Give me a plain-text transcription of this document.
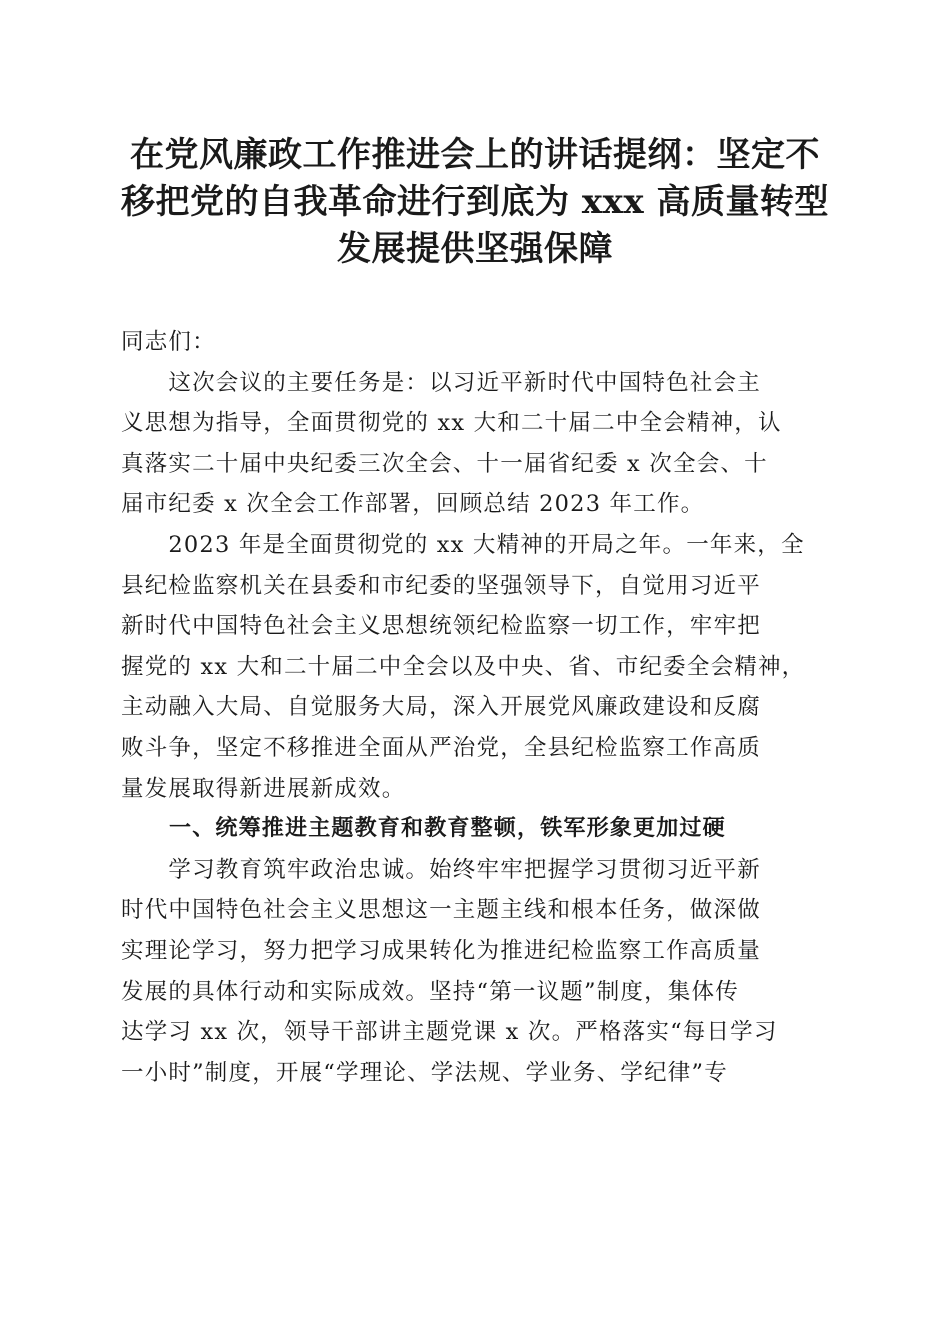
在党风廉政工作推进会上的讲话提纲：坚定不
移把党的自我革命进行到底为 xxx 高质量转型
发展提供坚强保障
同志们：
　　这次会议的主要任务是：以习近平新时代中国特色社会主
义思想为指导，全面贯彻党的 xx 大和二十届二中全会精神，认
真落实二十届中央纪委三次全会、十一届省纪委 x 次全会、十
届市纪委 x 次全会工作部署，回顾总结 2023 年工作。
　　2023 年是全面贯彻党的 xx 大精神的开局之年。一年来，全
县纪检监察机关在县委和市纪委的坚强领导下，自觉用习近平
新时代中国特色社会主义思想统领纪检监察一切工作，牢牢把
握党的 xx 大和二十届二中全会以及中央、省、市纪委全会精神，
主动融入大局、自觉服务大局，深入开展党风廉政建设和反腐
败斗争，坚定不移推进全面从严治党，全县纪检监察工作高质
量发展取得新进展新成效。
一、统筹推进主题教育和教育整顿，铁军形象更加过硬
　　学习教育筑牢政治忠诚。始终牢牢把握学习贯彻习近平新
时代中国特色社会主义思想这一主题主线和根本任务，做深做
实理论学习，努力把学习成果转化为推进纪检监察工作高质量
发展的具体行动和实际成效。坚持“第一议题”制度，集体传
达学习 xx 次，领导干部讲主题党课 x 次。严格落实“每日学习
一小时”制度，开展“学理论、学法规、学业务、学纪律”专
